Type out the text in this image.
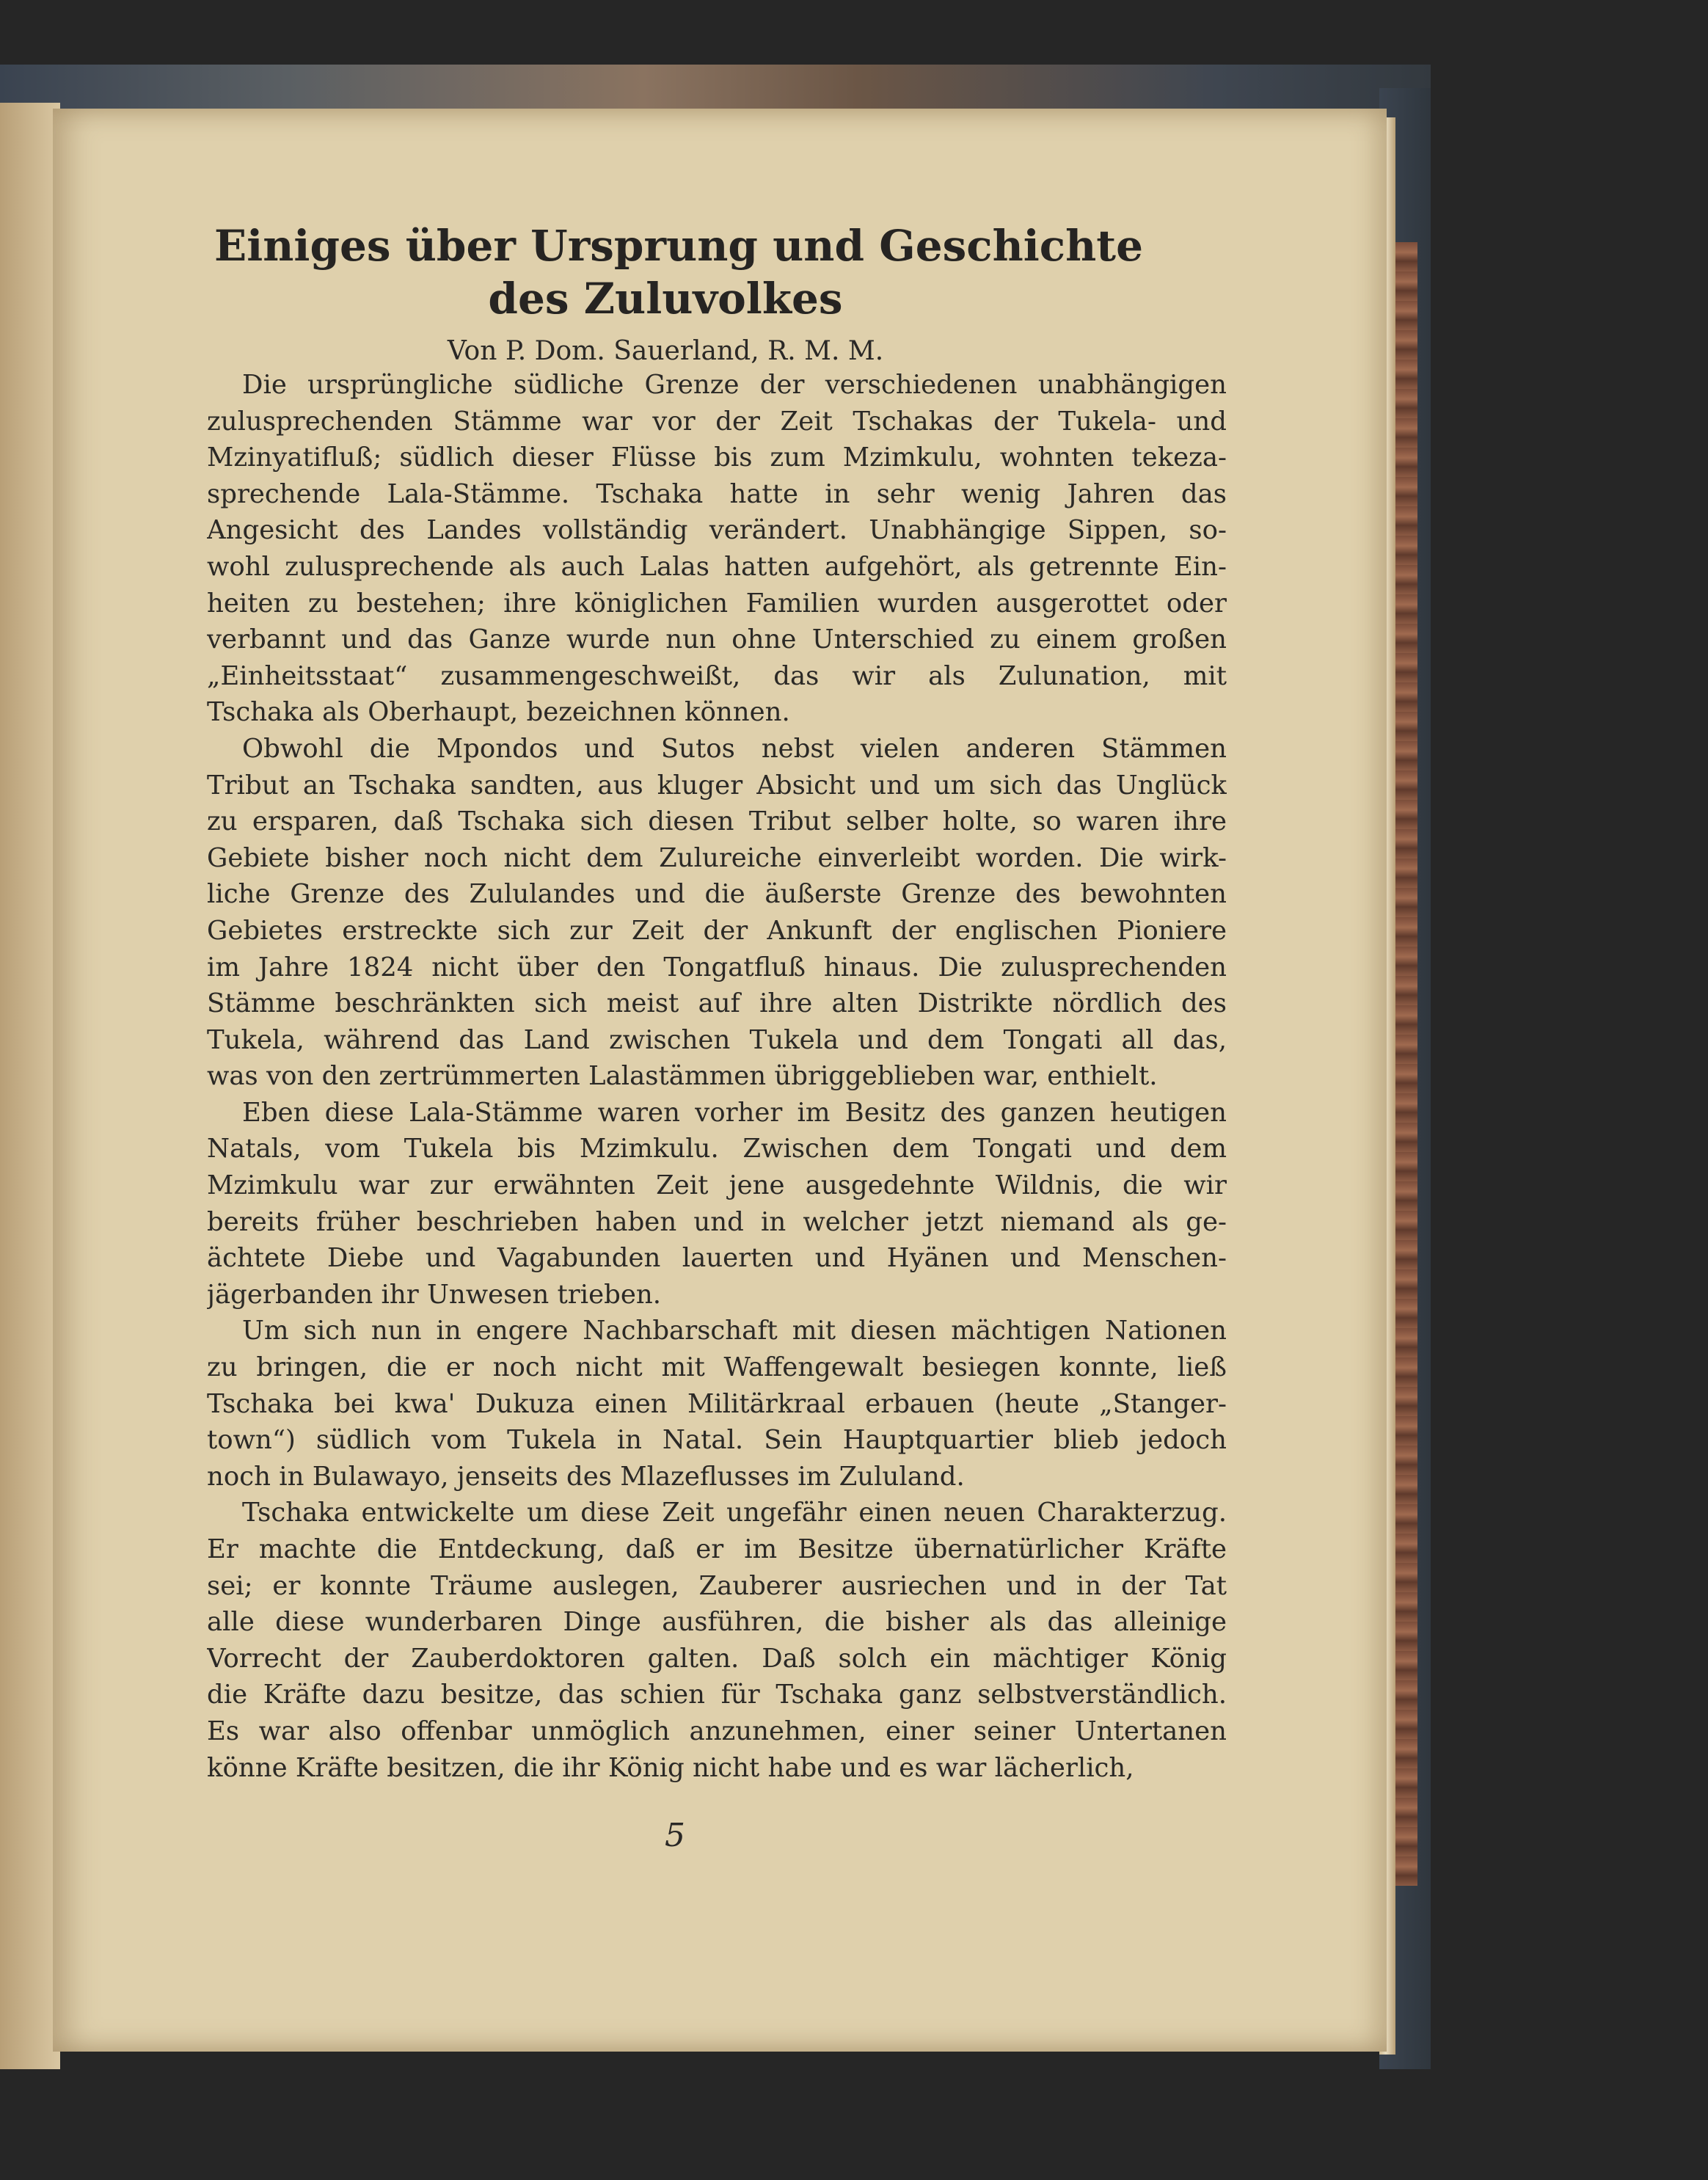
Einiges über Ursprung und Geschichte
des Zuluvolkes
Von P. Dom. Sauerland, R. M. M.

Die ursprüngliche südliche Grenze der verschiedenen unabhängigen
zulusprechenden Stämme war vor der Zeit Tschakas der Tukela- und
Mzinyatifluß; südlich dieser Flüsse bis zum Mzimkulu, wohnten tekeza-
sprechende Lala-Stämme. Tschaka hatte in sehr wenig Jahren das
Angesicht des Landes vollständig verändert. Unabhängige Sippen, so-
wohl zulusprechende als auch Lalas hatten aufgehört, als getrennte Ein-
heiten zu bestehen; ihre königlichen Familien wurden ausgerottet oder
verbannt und das Ganze wurde nun ohne Unterschied zu einem großen
„Einheitsstaat“ zusammengeschweißt, das wir als Zulunation, mit
Tschaka als Oberhaupt, bezeichnen können.

Obwohl die Mpondos und Sutos nebst vielen anderen Stämmen
Tribut an Tschaka sandten, aus kluger Absicht und um sich das Unglück
zu ersparen, daß Tschaka sich diesen Tribut selber holte, so waren ihre
Gebiete bisher noch nicht dem Zulureiche einverleibt worden. Die wirk-
liche Grenze des Zululandes und die äußerste Grenze des bewohnten
Gebietes erstreckte sich zur Zeit der Ankunft der englischen Pioniere
im Jahre 1824 nicht über den Tongatfluß hinaus. Die zulusprechenden
Stämme beschränkten sich meist auf ihre alten Distrikte nördlich des
Tukela, während das Land zwischen Tukela und dem Tongati all das,
was von den zertrümmerten Lalastämmen übriggeblieben war, enthielt.

Eben diese Lala-Stämme waren vorher im Besitz des ganzen heutigen
Natals, vom Tukela bis Mzimkulu. Zwischen dem Tongati und dem
Mzimkulu war zur erwähnten Zeit jene ausgedehnte Wildnis, die wir
bereits früher beschrieben haben und in welcher jetzt niemand als ge-
ächtete Diebe und Vagabunden lauerten und Hyänen und Menschen-
jägerbanden ihr Unwesen trieben.

Um sich nun in engere Nachbarschaft mit diesen mächtigen Nationen
zu bringen, die er noch nicht mit Waffengewalt besiegen konnte, ließ
Tschaka bei kwa' Dukuza einen Militärkraal erbauen (heute „Stanger-
town“) südlich vom Tukela in Natal. Sein Hauptquartier blieb jedoch
noch in Bulawayo, jenseits des Mlazeflusses im Zululand.

Tschaka entwickelte um diese Zeit ungefähr einen neuen Charakterzug.
Er machte die Entdeckung, daß er im Besitze übernatürlicher Kräfte
sei; er konnte Träume auslegen, Zauberer ausriechen und in der Tat
alle diese wunderbaren Dinge ausführen, die bisher als das alleinige
Vorrecht der Zauberdoktoren galten. Daß solch ein mächtiger König
die Kräfte dazu besitze, das schien für Tschaka ganz selbstverständlich.
Es war also offenbar unmöglich anzunehmen, einer seiner Untertanen
könne Kräfte besitzen, die ihr König nicht habe und es war lächerlich,

5
